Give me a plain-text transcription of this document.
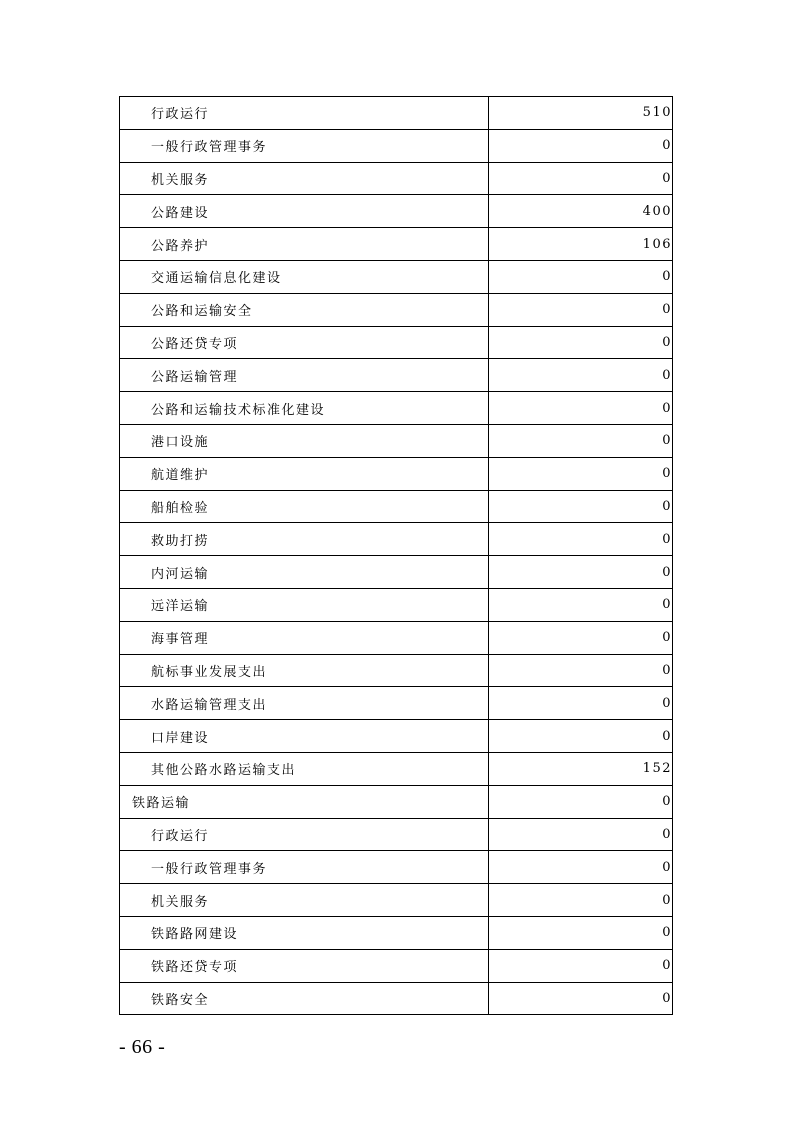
行政运行	510
一般行政管理事务	0
机关服务	0
公路建设	400
公路养护	106
交通运输信息化建设	0
公路和运输安全	0
公路还贷专项	0
公路运输管理	0
公路和运输技术标准化建设	0
港口设施	0
航道维护	0
船舶检验	0
救助打捞	0
内河运输	0
远洋运输	0
海事管理	0
航标事业发展支出	0
水路运输管理支出	0
口岸建设	0
其他公路水路运输支出	152
铁路运输	0
行政运行	0
一般行政管理事务	0
机关服务	0
铁路路网建设	0
铁路还贷专项	0
铁路安全	0
- 66 -
